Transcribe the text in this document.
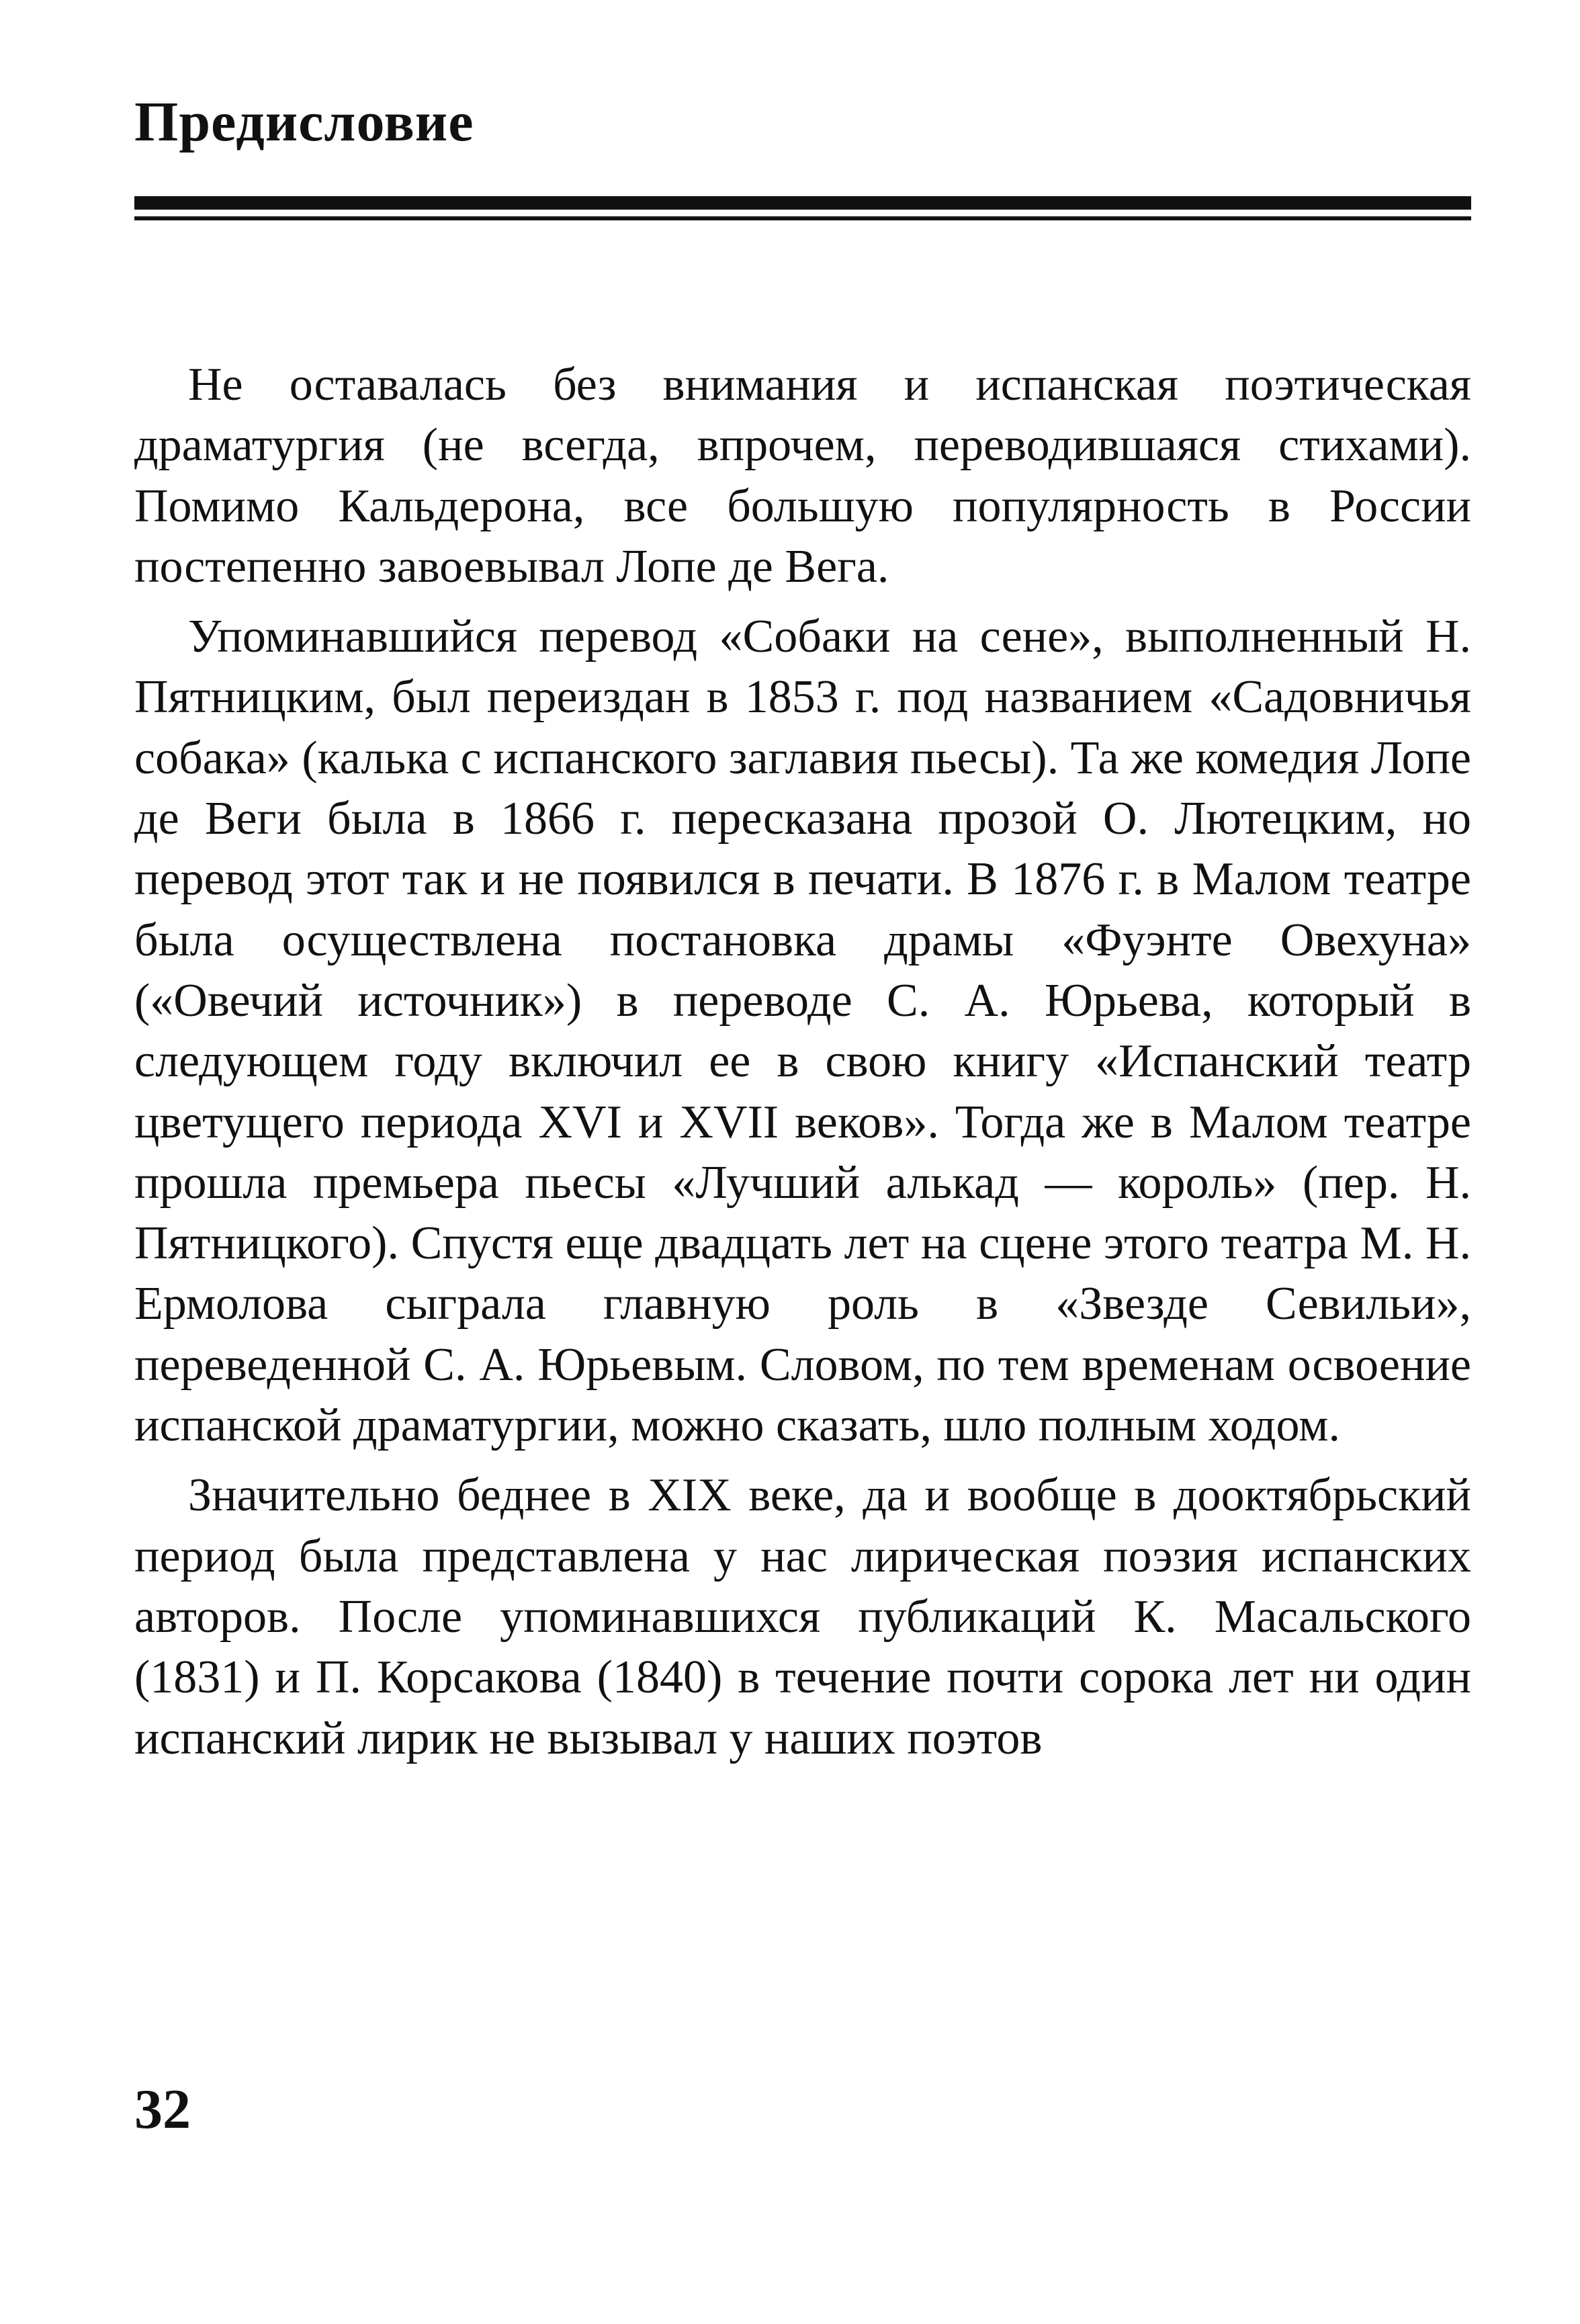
Предисловие

Не оставалась без внимания и испанская поэтическая драматургия (не всегда, впрочем, переводившаяся стихами). Помимо Кальдерона, все большую популярность в России постепенно завоевывал Лопе де Вега.

Упоминавшийся перевод «Собаки на сене», выполненный Н. Пятницким, был переиздан в 1853 г. под названием «Садовничья собака» (калька с испанского заглавия пьесы). Та же комедия Лопе де Веги была в 1866 г. пересказана прозой О. Лютецким, но перевод этот так и не появился в печати. В 1876 г. в Малом театре была осуществлена постановка драмы «Фуэнте Овехуна» («Овечий источник») в переводе С. А. Юрьева, который в следующем году включил ее в свою книгу «Испанский театр цветущего периода XVI и XVII веков». Тогда же в Малом театре прошла премьера пьесы «Лучший алькад — король» (пер. Н. Пятницкого). Спустя еще двадцать лет на сцене этого театра М. Н. Ермолова сыграла главную роль в «Звезде Севильи», переведенной С. А. Юрьевым. Словом, по тем временам освоение испанской драматургии, можно сказать, шло полным ходом.

Значительно беднее в XIX веке, да и вообще в дооктябрьский период была представлена у нас лирическая поэзия испанских авторов. После упоминавшихся публикаций К. Масальского (1831) и П. Корсакова (1840) в течение почти сорока лет ни один испанский лирик не вызывал у наших поэтов

32
